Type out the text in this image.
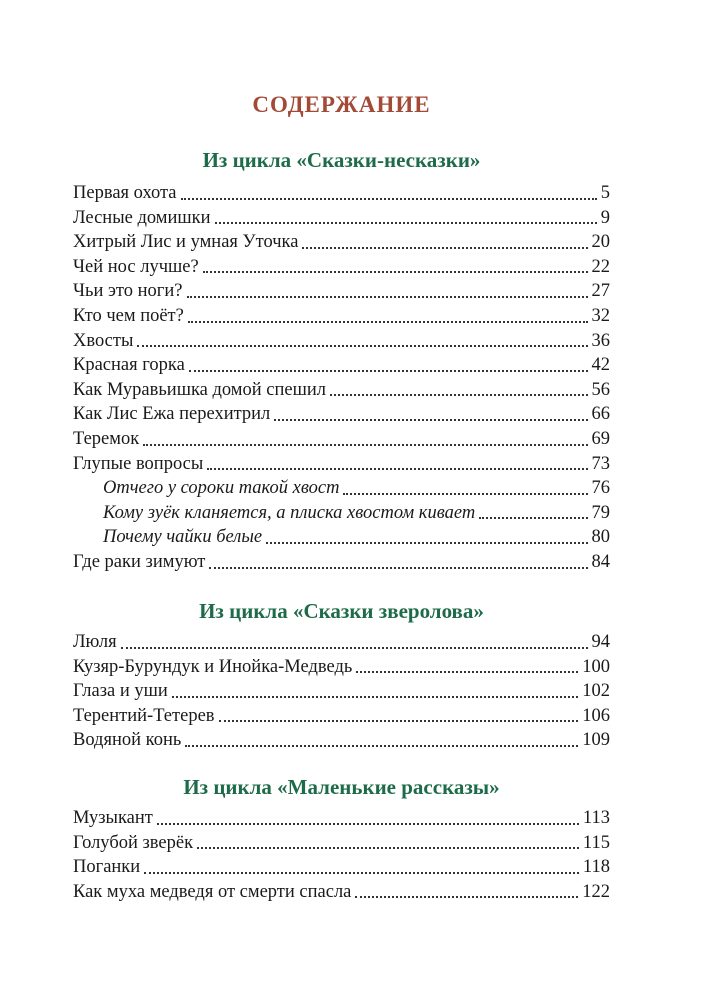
СОДЕРЖАНИЕ
Из цикла «Сказки-несказки»
Первая охота	5
Лесные домишки	9
Хитрый Лис и умная Уточка	20
Чей нос лучше?	22
Чьи это ноги?	27
Кто чем поёт?	32
Хвосты	36
Красная горка	42
Как Муравьишка домой спешил	56
Как Лис Ежа перехитрил	66
Теремок	69
Глупые вопросы	73
Отчего у сороки такой хвост	76
Кому зуёк кланяется, а плиска хвостом кивает	79
Почему чайки белые	80
Где раки зимуют	84
Из цикла «Сказки зверолова»
Люля	94
Кузяр-Бурундук и Инойка-Медведь	100
Глаза и уши	102
Терентий-Тетерев	106
Водяной конь	109
Из цикла «Маленькие рассказы»
Музыкант	113
Голубой зверёк	115
Поганки	118
Как муха медведя от смерти спасла	122
